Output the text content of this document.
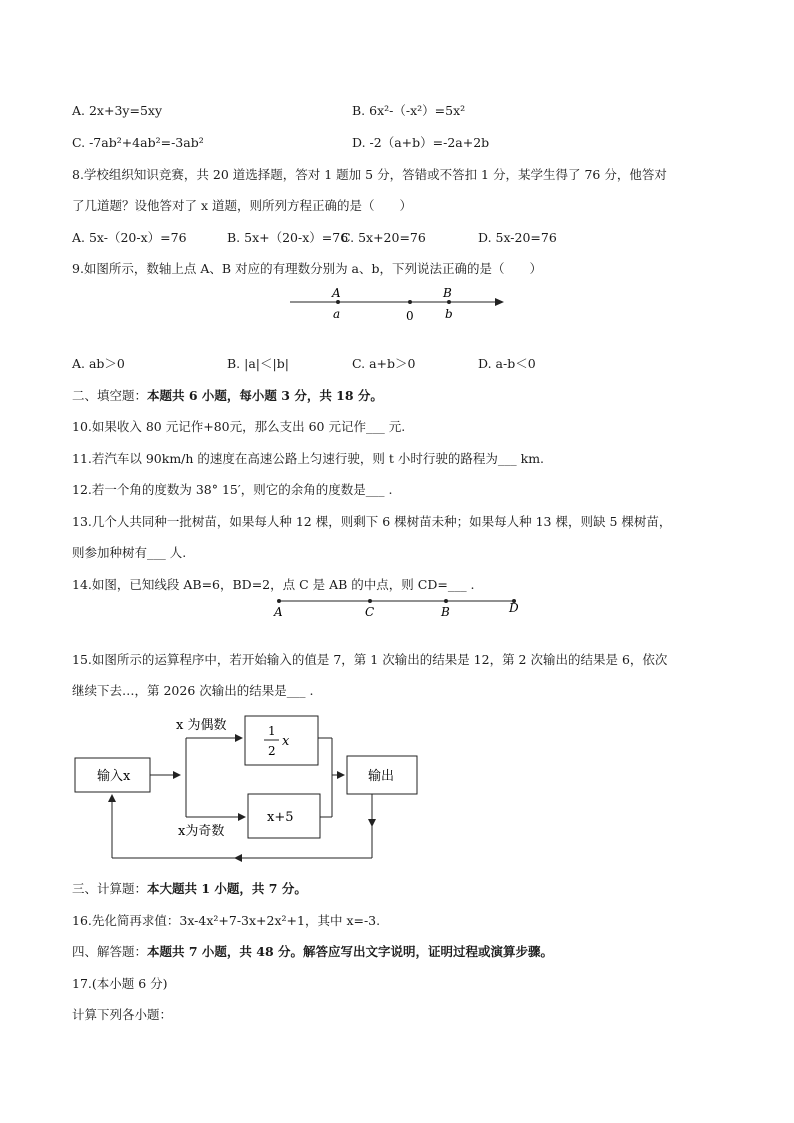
A. 2x+3y=5xy	B. 6x²-（-x²）=5x²
C. -7ab²+4ab²=-3ab²	D. -2（a+b）=-2a+2b
8.学校组织知识竞赛，共 20 道选择题，答对 1 题加 5 分，答错或不答扣 1 分，某学生得了 76 分，他答对
了几道题？设他答对了 x 道题，则所列方程正确的是（　　）
A. 5x-（20-x）=76	B. 5x+（20-x）=76
C. 5x+20=76	D. 5x-20=76
9.如图所示，数轴上点 A、B 对应的有理数分别为 a、b，下列说法正确的是（　　）
A	B
a	0	b
A. ab＞0	B. |a|＜|b|	C. a+b＞0	D. a-b＜0
二、填空题：本题共 6 小题，每小题 3 分，共 18 分。
10.如果收入 80 元记作+80元，那么支出 60 元记作___ 元.
11.若汽车以 90km/h 的速度在高速公路上匀速行驶，则 t 小时行驶的路程为___ km.
12.若一个角的度数为 38° 15′，则它的余角的度数是___ .
13.几个人共同种一批树苗，如果每人种 12 棵，则剩下 6 棵树苗未种；如果每人种 13 棵，则缺 5 棵树苗，
则参加种树有___ 人.
14.如图，已知线段 AB=6，BD=2，点 C 是 AB 的中点，则 CD=___ .
A	C	B	D
15.如图所示的运算程序中，若开始输入的值是 7，第 1 次输出的结果是 12，第 2 次输出的结果是 6，依次
继续下去…，第 2026 次输出的结果是___ .
输入x
x 为偶数
x为奇数
1
2
x
x+5
输出
三、计算题：本大题共 1 小题，共 7 分。
16.先化简再求值：3x-4x²+7-3x+2x²+1，其中 x=-3.
四、解答题：本题共 7 小题，共 48 分。解答应写出文字说明，证明过程或演算步骤。
17.(本小题 6 分)
计算下列各小题：
